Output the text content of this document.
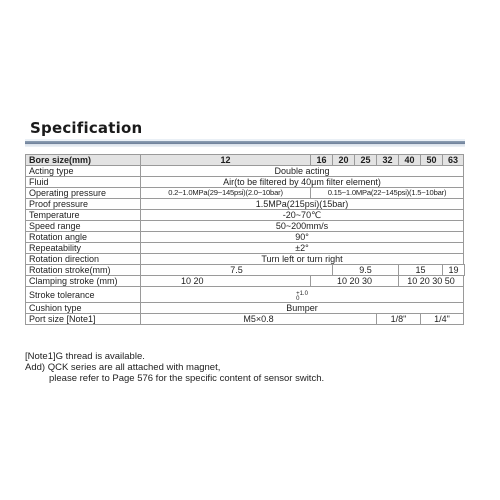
Specification
Bore size(mm)	12	16	20	25	32	40	50	63
Acting type	Double acting							
Fluid	Air(to be filtered by 40μm filter element)							
Operating pressure	0.2~1.0MPa(29~145psi)(2.0~10bar)	0.15~1.0MPa(22~145psi)(1.5~10bar)						
Proof pressure	1.5MPa(215psi)(15bar)							
Temperature	-20~70℃							
Speed range	50~200mm/s							
Rotation angle	90°							
Repeatability	±2°							
Rotation direction	Turn left or turn right							
Rotation stroke(mm)	7.5		9.5			15		19
Clamping stroke (mm)	10 20	10 20 30				10 20 30 50		
Stroke tolerance	+1.0
0							

Cushion type	Bumper							
Port size [Note1]	M5×0.8				1/8"		1/4"	
[Note1]G thread is available.
Add) QCK series are all attached with magnet,
please refer to Page 576 for the specific content of sensor switch.
